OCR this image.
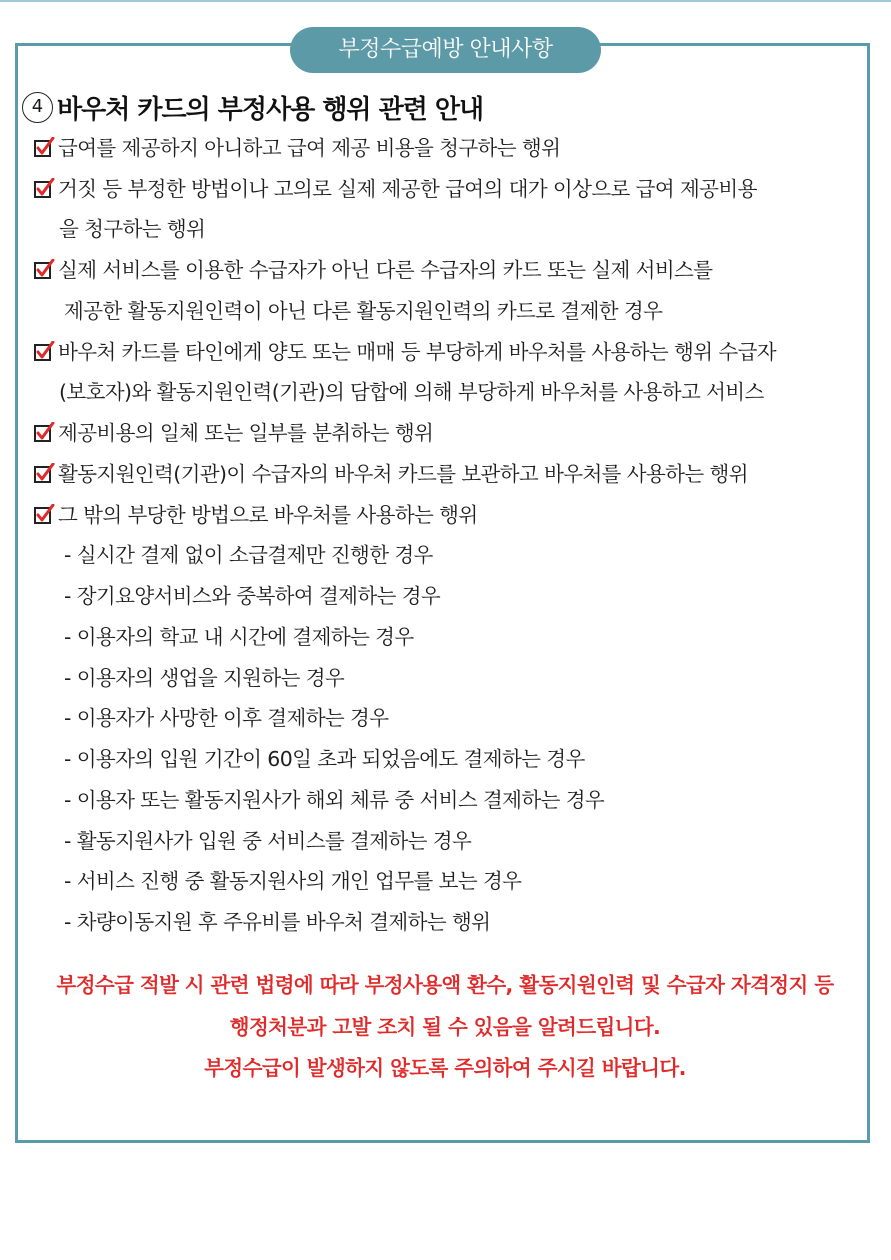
부정수급예방 안내사항
4 바우처 카드의 부정사용 행위 관련 안내
급여를 제공하지 아니하고 급여 제공 비용을 청구하는 행위
거짓 등 부정한 방법이나 고의로 실제 제공한 급여의 대가 이상으로 급여 제공비용
을 청구하는 행위
실제 서비스를 이용한 수급자가 아닌 다른 수급자의 카드 또는 실제 서비스를
제공한 활동지원인력이 아닌 다른 활동지원인력의 카드로 결제한 경우
바우처 카드를 타인에게 양도 또는 매매 등 부당하게 바우처를 사용하는 행위 수급자
(보호자)와 활동지원인력(기관)의 담합에 의해 부당하게 바우처를 사용하고 서비스
제공비용의 일체 또는 일부를 분취하는 행위
활동지원인력(기관)이 수급자의 바우처 카드를 보관하고 바우처를 사용하는 행위
그 밖의 부당한 방법으로 바우처를 사용하는 행위
- 실시간 결제 없이 소급결제만 진행한 경우
- 장기요양서비스와 중복하여 결제하는 경우
- 이용자의 학교 내 시간에 결제하는 경우
- 이용자의 생업을 지원하는 경우
- 이용자가 사망한 이후 결제하는 경우
- 이용자의 입원 기간이 60일 초과 되었음에도 결제하는 경우
- 이용자 또는 활동지원사가 해외 체류 중 서비스 결제하는 경우
- 활동지원사가 입원 중 서비스를 결제하는 경우
- 서비스 진행 중 활동지원사의 개인 업무를 보는 경우
- 차량이동지원 후 주유비를 바우처 결제하는 행위
부정수급 적발 시 관련 법령에 따라 부정사용액 환수, 활동지원인력 및 수급자 자격정지 등
행정처분과 고발 조치 될 수 있음을 알려드립니다.
부정수급이 발생하지 않도록 주의하여 주시길 바랍니다.
